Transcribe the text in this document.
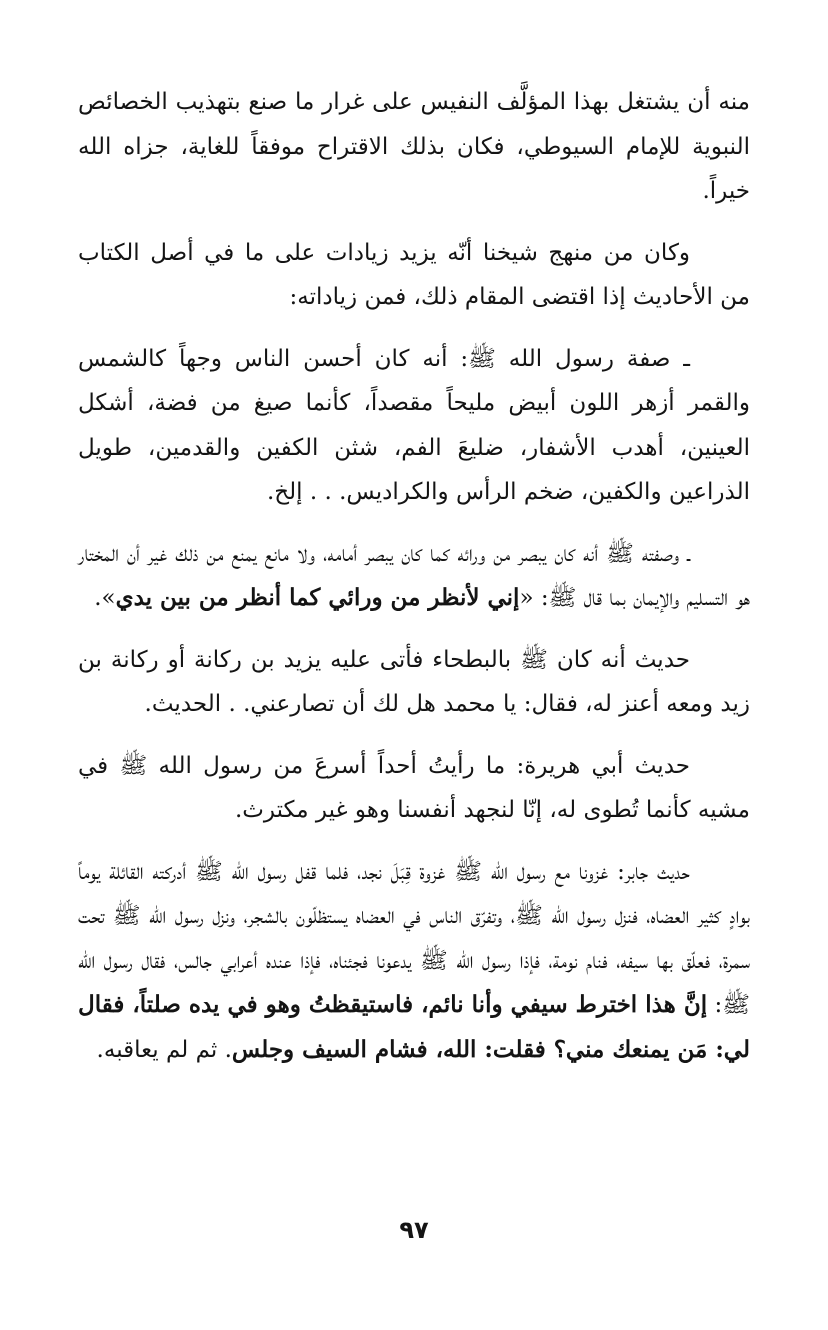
منه أن يشتغل بهذا المؤلَّف النفيس على غرار ما صنع بتهذيب الخصائص النبوية للإمام السيوطي، فكان بذلك الاقتراح موفقاً للغاية، جزاه الله خيراً.

وكان من منهج شيخنا أنّه يزيد زيادات على ما في أصل الكتاب من الأحاديث إذا اقتضى المقام ذلك، فمن زياداته:

ـ صفة رسول الله ﷺ: أنه كان أحسن الناس وجهاً كالشمس والقمر أزهر اللون أبيض مليحاً مقصداً، كأنما صيغ من فضة، أشكل العينين، أهدب الأشفار، ضليعَ الفم، شثن الكفين والقدمين، طويل الذراعين والكفين، ضخم الرأس والكراديس. . . إلخ.

ـ وصفته ﷺ أنه كان يبصر من ورائه كما كان يبصر أمامه، ولا مانع يمنع من ذلك غير أن المختار هو التسليم والإيمان بما قال ﷺ: «إني لأنظر من ورائي كما أنظر من بين يدي».

حديث أنه كان ﷺ بالبطحاء فأتى عليه يزيد بن ركانة أو ركانة بن زيد ومعه أعنز له، فقال: يا محمد هل لك أن تصارعني. . الحديث.

حديث أبي هريرة: ما رأيتُ أحداً أسرعَ من رسول الله ﷺ في مشيه كأنما تُطوى له، إنّا لنجهد أنفسنا وهو غير مكترث.

حديث جابر: غزونا مع رسول الله ﷺ غزوة قِبَلَ نجد، فلما قفل رسول الله ﷺ أدركته القائلة يوماً بوادٍ كثير العضاه، فنزل رسول الله ﷺ، وتفرّق الناس في العضاه يستظلّون بالشجر، ونزل رسول الله ﷺ تحت سمرة، فعلّق بها سيفه، فنام نومة، فإذا رسول الله ﷺ يدعونا فجئناه، فإذا عنده أعرابي جالس، فقال رسول الله ﷺ: إنَّ هذا اخترط سيفي وأنا نائم، فاستيقظتُ وهو في يده صلتاً، فقال لي: مَن يمنعك مني؟ فقلت: الله، فشام السيف وجلس. ثم لم يعاقبه.

٩٧
